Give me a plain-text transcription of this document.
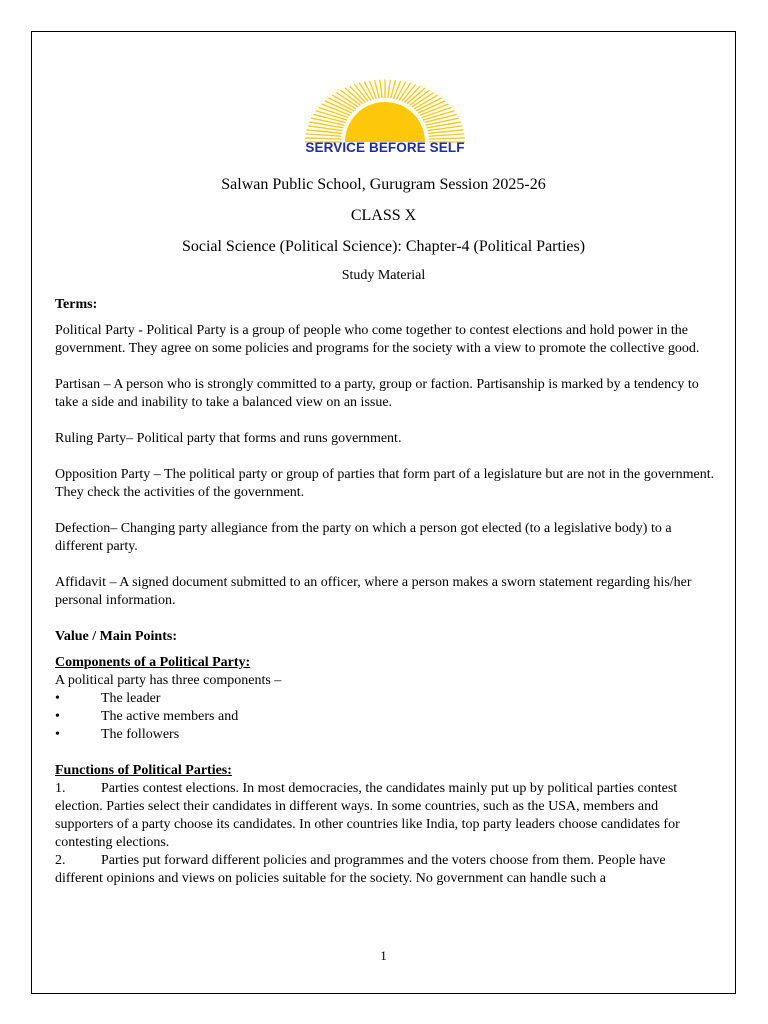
SERVICE BEFORE SELF
Salwan Public School, Gurugram Session 2025-26
CLASS X
Social Science (Political Science): Chapter-4 (Political Parties)
Study Material

Terms:

Political Party - Political Party is a group of people who come together to contest elections and hold power in the government. They agree on some policies and programs for the society with a view to promote the collective good.

Partisan – A person who is strongly committed to a party, group or faction. Partisanship is marked by a tendency to take a side and inability to take a balanced view on an issue.

Ruling Party– Political party that forms and runs government.

Opposition Party – The political party or group of parties that form part of a legislature but are not in the government. They check the activities of the government.

Defection– Changing party allegiance from the party on which a person got elected (to a legislative body) to a different party.

Affidavit – A signed document submitted to an officer, where a person makes a sworn statement regarding his/her personal information.

Value / Main Points:

Components of a Political Party:

A political party has three components –

•	The leader
•	The active members and
•	The followers

Functions of Political Parties:

1.	Parties contest elections. In most democracies, the candidates mainly put up by political parties contest election. Parties select their candidates in different ways. In some countries, such as the USA, members and supporters of a party choose its candidates. In other countries like India, top party leaders choose candidates for contesting elections.
2.	Parties put forward different policies and programmes and the voters choose from them. People have different opinions and views on policies suitable for the society. No government can handle such a
1
